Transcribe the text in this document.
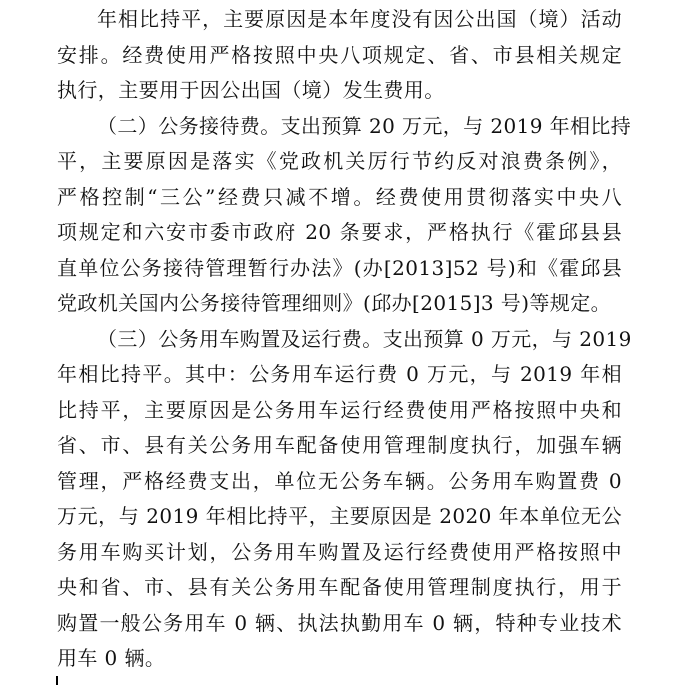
年相比持平，主要原因是本年度没有因公出国（境）活动
安排。经费使用严格按照中央八项规定、省、市县相关规定
执行，主要用于因公出国（境）发生费用。
（二）公务接待费。支出预算 20 万元，与 2019 年相比持
平，主要原因是落实《党政机关厉行节约反对浪费条例》，
严格控制“三公”经费只减不增。经费使用贯彻落实中央八
项规定和六安市委市政府 20 条要求，严格执行《霍邱县县
直单位公务接待管理暂行办法》(办[2013]52 号)和《霍邱县
党政机关国内公务接待管理细则》(邱办[2015]3 号)等规定。
（三）公务用车购置及运行费。支出预算 0 万元，与 2019
年相比持平。其中：公务用车运行费 0 万元，与 2019 年相
比持平，主要原因是公务用车运行经费使用严格按照中央和
省、市、县有关公务用车配备使用管理制度执行，加强车辆
管理，严格经费支出，单位无公务车辆。公务用车购置费 0
万元，与 2019 年相比持平，主要原因是 2020 年本单位无公
务用车购买计划，公务用车购置及运行经费使用严格按照中
央和省、市、县有关公务用车配备使用管理制度执行，用于
购置一般公务用车 0 辆、执法执勤用车 0 辆，特种专业技术
用车 0 辆。
